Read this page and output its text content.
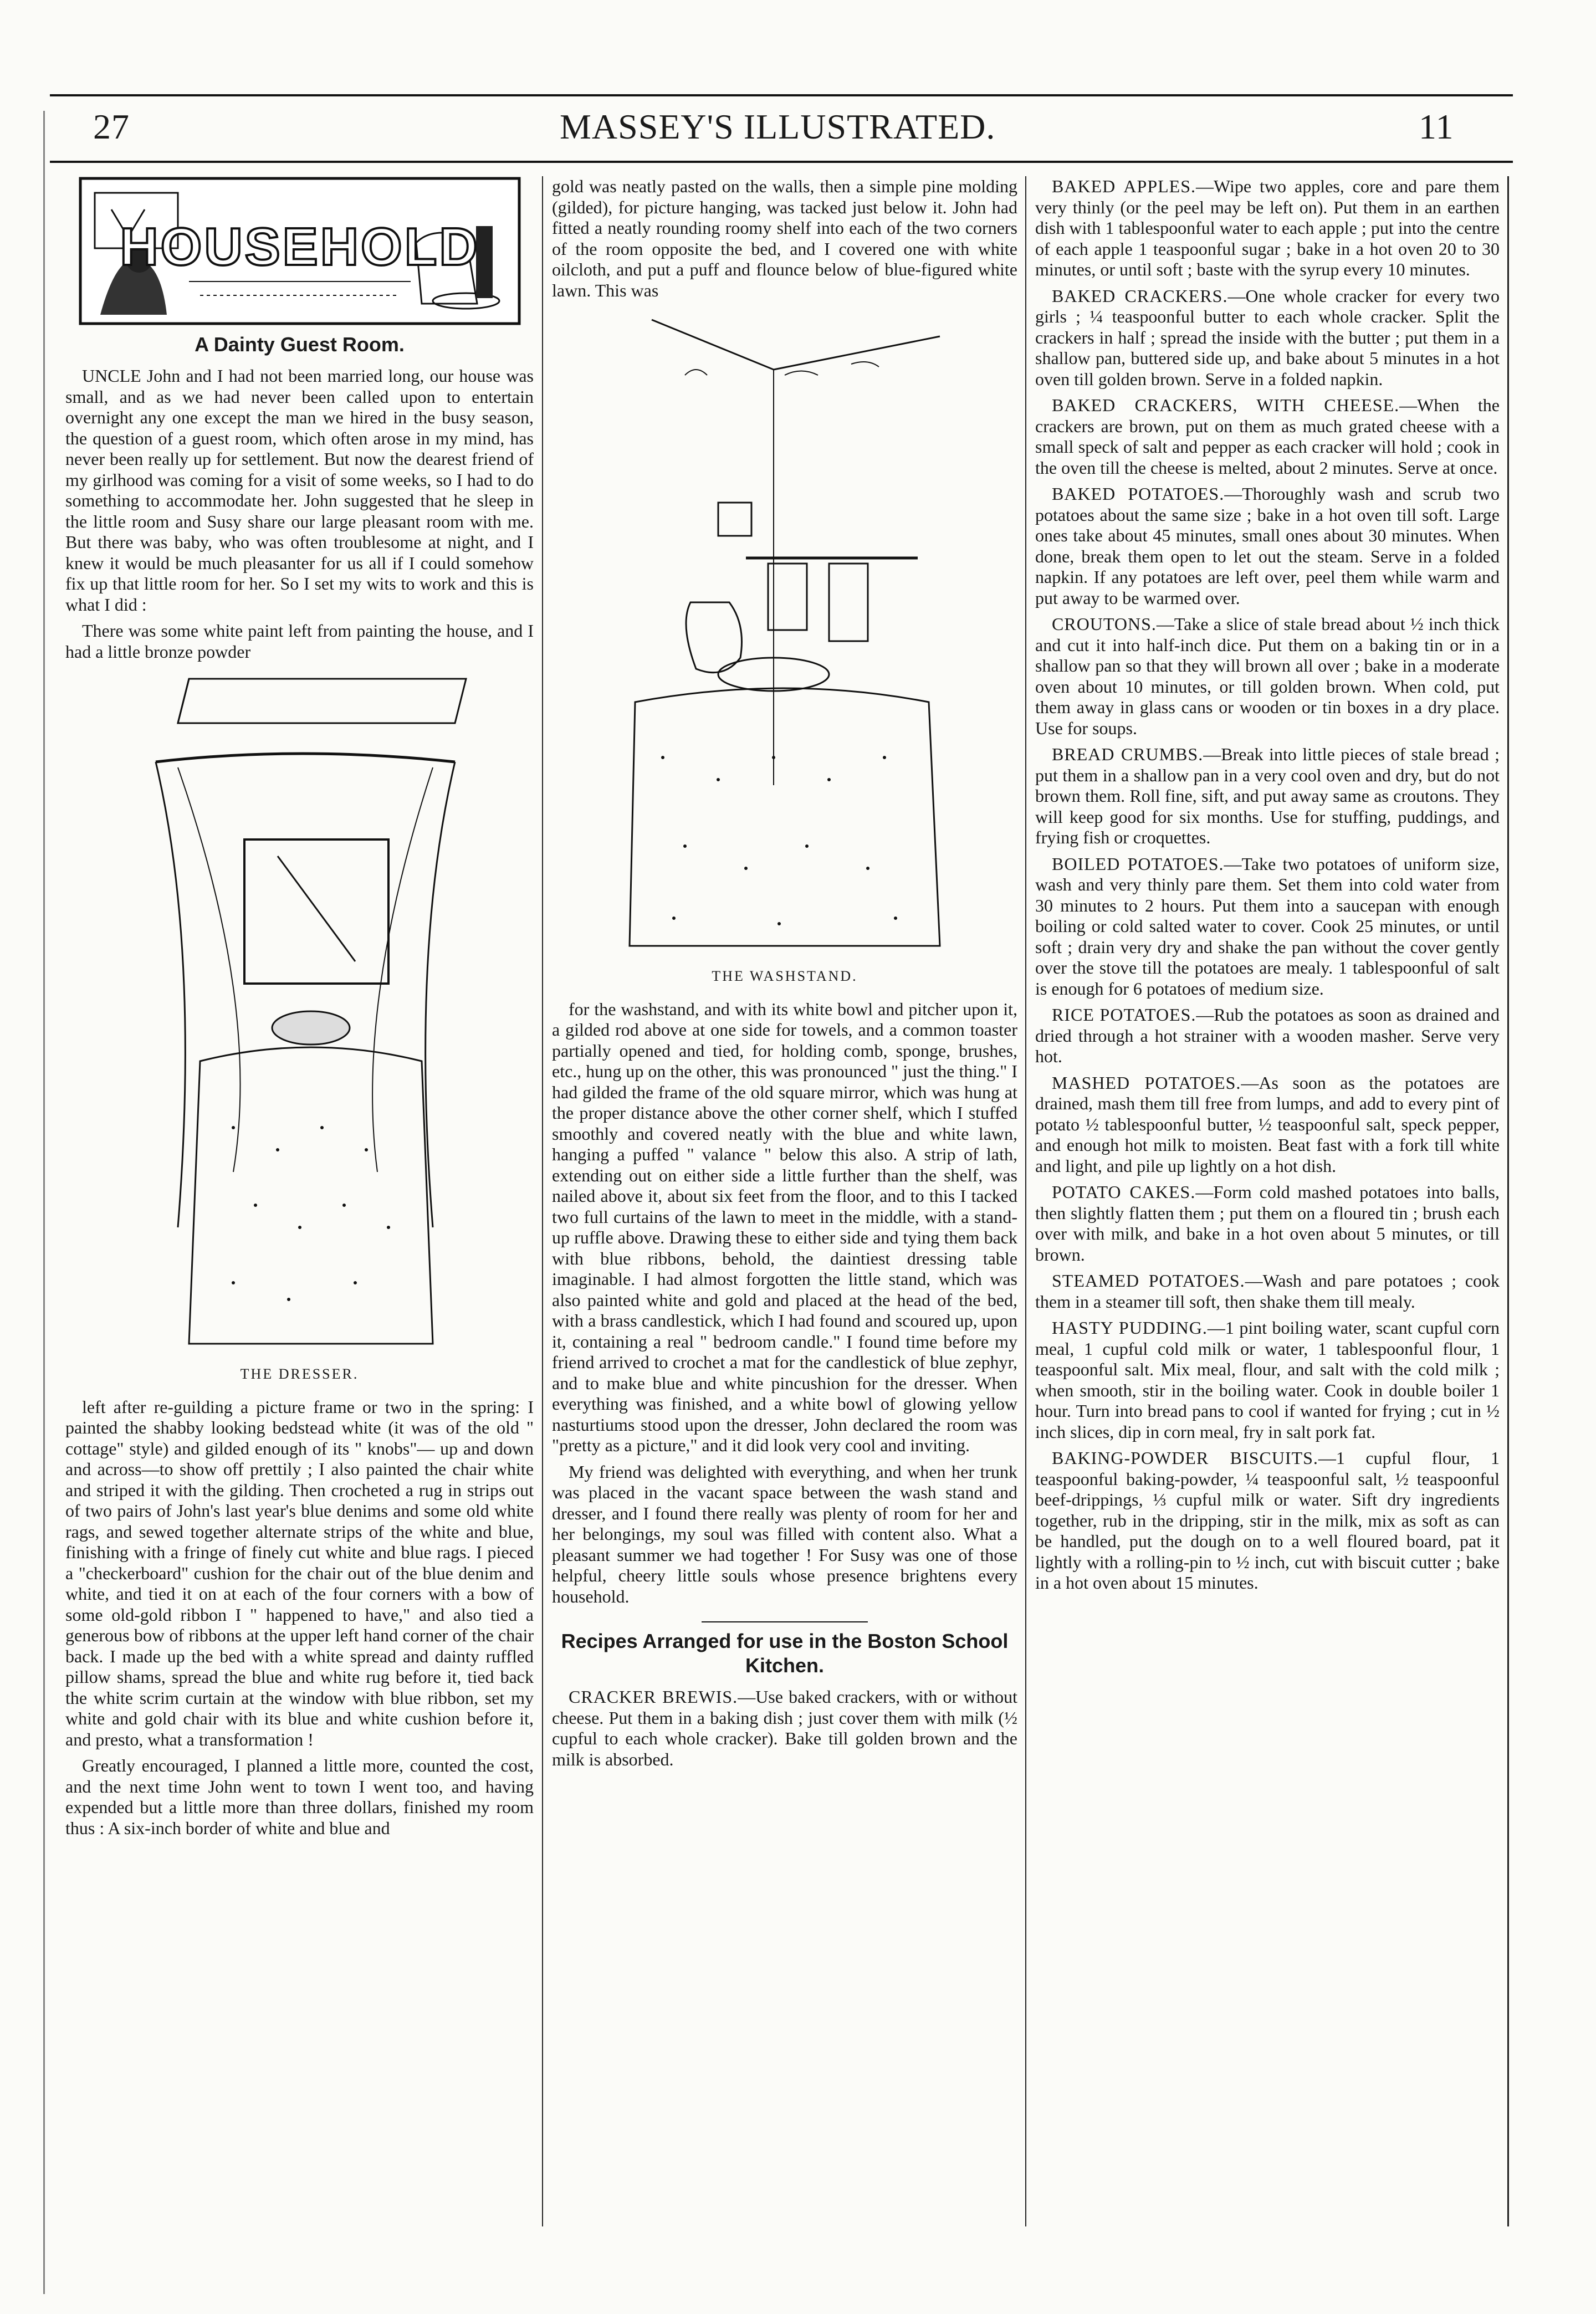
27	MASSEY'S ILLUSTRATED.	11
HOUSEHOLD
A Dainty Guest Room.

UNCLE John and I had not been married long, our house was small, and as we had never been called upon to entertain overnight any one except the man we hired in the busy season, the question of a guest room, which often arose in my mind, has never been really up for settlement. But now the dearest friend of my girlhood was coming for a visit of some weeks, so I had to do something to accommodate her. John suggested that he sleep in the little room and Susy share our large pleasant room with me. But there was baby, who was often troublesome at night, and I knew it would be much pleasanter for us all if I could somehow fix up that little room for her. So I set my wits to work and this is what I did :

There was some white paint left from painting the house, and I had a little bronze powder

THE DRESSER.

left after re-guilding a picture frame or two in the spring: I painted the shabby looking bedstead white (it was of the old " cottage" style) and gilded enough of its " knobs"— up and down and across—to show off prettily ; I also painted the chair white and striped it with the gilding. Then crocheted a rug in strips out of two pairs of John's last year's blue denims and some old white rags, and sewed together alternate strips of the white and blue, finishing with a fringe of finely cut white and blue rags. I pieced a "checkerboard" cushion for the chair out of the blue denim and white, and tied it on at each of the four corners with a bow of some old-gold ribbon I " happened to have," and also tied a generous bow of ribbons at the upper left hand corner of the chair back. I made up the bed with a white spread and dainty ruffled pillow shams, spread the blue and white rug before it, tied back the white scrim curtain at the window with blue ribbon, set my white and gold chair with its blue and white cushion before it, and presto, what a transformation !

Greatly encouraged, I planned a little more, counted the cost, and the next time John went to town I went too, and having expended but a little more than three dollars, finished my room thus : A six-inch border of white and blue and

gold was neatly pasted on the walls, then a simple pine molding (gilded), for picture hanging, was tacked just below it. John had fitted a neatly rounding roomy shelf into each of the two corners of the room opposite the bed, and I covered one with white oilcloth, and put a puff and flounce below of blue-figured white lawn. This was

THE WASHSTAND.

for the washstand, and with its white bowl and pitcher upon it, a gilded rod above at one side for towels, and a common toaster partially opened and tied, for holding comb, sponge, brushes, etc., hung up on the other, this was pronounced " just the thing." I had gilded the frame of the old square mirror, which was hung at the proper distance above the other corner shelf, which I stuffed smoothly and covered neatly with the blue and white lawn, hanging a puffed " valance " below this also. A strip of lath, extending out on either side a little further than the shelf, was nailed above it, about six feet from the floor, and to this I tacked two full curtains of the lawn to meet in the middle, with a stand-up ruffle above. Drawing these to either side and tying them back with blue ribbons, behold, the daintiest dressing table imaginable. I had almost forgotten the little stand, which was also painted white and gold and placed at the head of the bed, with a brass candlestick, which I had found and scoured up, upon it, containing a real " bedroom candle." I found time before my friend arrived to crochet a mat for the candlestick of blue zephyr, and to make blue and white pincushion for the dresser. When everything was finished, and a white bowl of glowing yellow nasturtiums stood upon the dresser, John declared the room was "pretty as a picture," and it did look very cool and inviting.

My friend was delighted with everything, and when her trunk was placed in the vacant space between the wash stand and dresser, and I found there really was plenty of room for her and her belongings, my soul was filled with content also. What a pleasant summer we had together ! For Susy was one of those helpful, cheery little souls whose presence brightens every household.

Recipes Arranged for use in the Boston School Kitchen.

CRACKER BREWIS.—Use baked crackers, with or without cheese. Put them in a baking dish ; just cover them with milk (½ cupful to each whole cracker). Bake till golden brown and the milk is absorbed.

BAKED APPLES.—Wipe two apples, core and pare them very thinly (or the peel may be left on). Put them in an earthen dish with 1 tablespoonful water to each apple ; put into the centre of each apple 1 teaspoonful sugar ; bake in a hot oven 20 to 30 minutes, or until soft ; baste with the syrup every 10 minutes.

BAKED CRACKERS.—One whole cracker for every two girls ; ¼ teaspoonful butter to each whole cracker. Split the crackers in half ; spread the inside with the butter ; put them in a shallow pan, buttered side up, and bake about 5 minutes in a hot oven till golden brown. Serve in a folded napkin.

BAKED CRACKERS, WITH CHEESE.—When the crackers are brown, put on them as much grated cheese with a small speck of salt and pepper as each cracker will hold ; cook in the oven till the cheese is melted, about 2 minutes. Serve at once.

BAKED POTATOES.—Thoroughly wash and scrub two potatoes about the same size ; bake in a hot oven till soft. Large ones take about 45 minutes, small ones about 30 minutes. When done, break them open to let out the steam. Serve in a folded napkin. If any potatoes are left over, peel them while warm and put away to be warmed over.

CROUTONS.—Take a slice of stale bread about ½ inch thick and cut it into half-inch dice. Put them on a baking tin or in a shallow pan so that they will brown all over ; bake in a moderate oven about 10 minutes, or till golden brown. When cold, put them away in glass cans or wooden or tin boxes in a dry place. Use for soups.

BREAD CRUMBS.—Break into little pieces of stale bread ; put them in a shallow pan in a very cool oven and dry, but do not brown them. Roll fine, sift, and put away same as croutons. They will keep good for six months. Use for stuffing, puddings, and frying fish or croquettes.

BOILED POTATOES.—Take two potatoes of uniform size, wash and very thinly pare them. Set them into cold water from 30 minutes to 2 hours. Put them into a saucepan with enough boiling or cold salted water to cover. Cook 25 minutes, or until soft ; drain very dry and shake the pan without the cover gently over the stove till the potatoes are mealy. 1 tablespoonful of salt is enough for 6 potatoes of medium size.

RICE POTATOES.—Rub the potatoes as soon as drained and dried through a hot strainer with a wooden masher. Serve very hot.

MASHED POTATOES.—As soon as the potatoes are drained, mash them till free from lumps, and add to every pint of potato ½ tablespoonful butter, ½ teaspoonful salt, speck pepper, and enough hot milk to moisten. Beat fast with a fork till white and light, and pile up lightly on a hot dish.

POTATO CAKES.—Form cold mashed potatoes into balls, then slightly flatten them ; put them on a floured tin ; brush each over with milk, and bake in a hot oven about 5 minutes, or till brown.

STEAMED POTATOES.—Wash and pare potatoes ; cook them in a steamer till soft, then shake them till mealy.

HASTY PUDDING.—1 pint boiling water, scant cupful corn meal, 1 cupful cold milk or water, 1 tablespoonful flour, 1 teaspoonful salt. Mix meal, flour, and salt with the cold milk ; when smooth, stir in the boiling water. Cook in double boiler 1 hour. Turn into bread pans to cool if wanted for frying ; cut in ½ inch slices, dip in corn meal, fry in salt pork fat.

BAKING-POWDER BISCUITS.—1 cupful flour, 1 teaspoonful baking-powder, ¼ teaspoonful salt, ½ teaspoonful beef-drippings, ⅓ cupful milk or water. Sift dry ingredients together, rub in the dripping, stir in the milk, mix as soft as can be handled, put the dough on to a well floured board, pat it lightly with a rolling-pin to ½ inch, cut with biscuit cutter ; bake in a hot oven about 15 minutes.
